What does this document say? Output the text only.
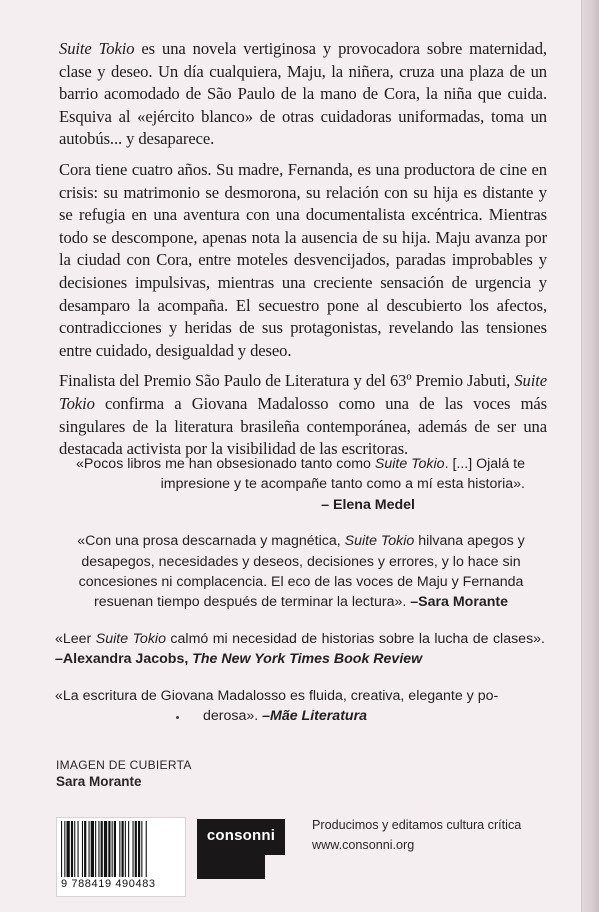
Suite Tokio es una novela vertiginosa y provocadora sobre maternidad, clase y deseo. Un día cualquiera, Maju, la niñera, cruza una plaza de un barrio acomodado de São Paulo de la mano de Cora, la niña que cuida. Esquiva al «ejército blanco» de otras cuidadoras uniformadas, toma un autobús... y desaparece.

Cora tiene cuatro años. Su madre, Fernanda, es una productora de cine en crisis: su matrimonio se desmorona, su relación con su hija es distante y se refugia en una aventura con una documentalista excéntrica. Mientras todo se descompone, apenas nota la ausencia de su hija. Maju avanza por la ciudad con Cora, entre moteles desvencijados, paradas improbables y decisiones impulsivas, mientras una creciente sensación de urgencia y desamparo la acompaña. El secuestro pone al descubierto los afectos, contradicciones y heridas de sus protagonistas, revelando las tensiones entre cuidado, desigualdad y deseo.

Finalista del Premio São Paulo de Literatura y del 63º Premio Jabuti, Suite Tokio confirma a Giovana Madalosso como una de las voces más singulares de la literatura brasileña contemporánea, además de ser una destacada activista por la visibilidad de las escritoras.

«Pocos libros me han obsesionado tanto como Suite Tokio. [...] Ojalá te impresione y te acompañe tanto como a mí esta historia».
– Elena Medel
«Con una prosa descarnada y magnética, Suite Tokio hilvana apegos y desapegos, necesidades y deseos, decisiones y errores, y lo hace sin concesiones ni complacencia. El eco de las voces de Maju y Fernanda resuenan tiempo después de terminar la lectura». –Sara Morante
«Leer Suite Tokio calmó mi necesidad de historias sobre la lucha de clases». –Alexandra Jacobs, The New York Times Book Review
«La escritura de Giovana Madalosso es fluida, creativa, elegante y po-
derosa». –Mãe Literatura
IMAGEN DE CUBIERTA
Sara Morante
9 788419 490483
consonni
Producimos y editamos cultura crítica
www.consonni.org
